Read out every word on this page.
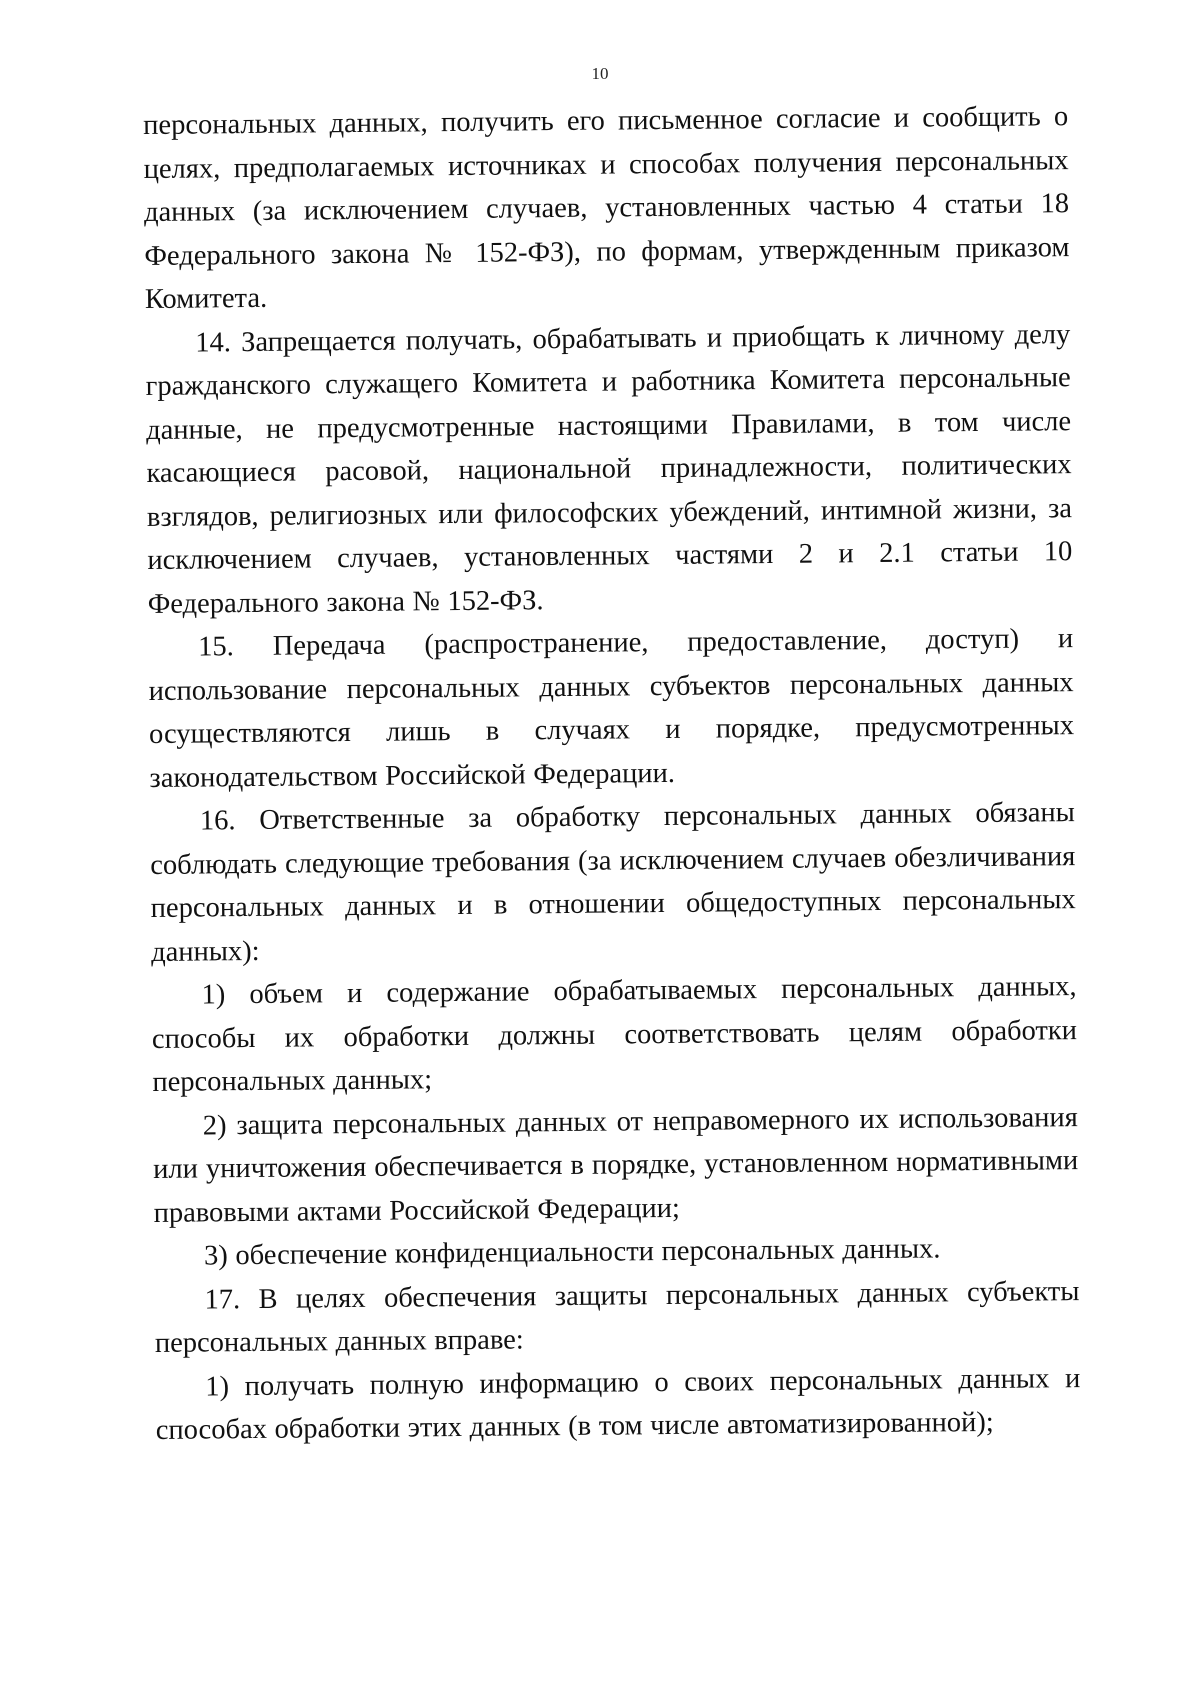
10

персональных данных, получить его письменное согласие и сообщить о целях, предполагаемых источниках и способах получения персональных данных (за исключением случаев, установленных частью 4 статьи 18 Федерального закона № 152-ФЗ), по формам, утвержденным приказом Комитета.

14. Запрещается получать, обрабатывать и приобщать к личному делу гражданского служащего Комитета и работника Комитета персональные данные, не предусмотренные настоящими Правилами, в том числе касающиеся расовой, национальной принадлежности, политических взглядов, религиозных или философских убеждений, интимной жизни, за исключением случаев, установленных частями 2 и 2.1 статьи 10 Федерального закона № 152-ФЗ.

15. Передача (распространение, предоставление, доступ) и использование персональных данных субъектов персональных данных осуществляются лишь в случаях и порядке, предусмотренных законодательством Российской Федерации.

16. Ответственные за обработку персональных данных обязаны соблюдать следующие требования (за исключением случаев обезличивания персональных данных и в отношении общедоступных персональных данных):

1) объем и содержание обрабатываемых персональных данных, способы их обработки должны соответствовать целям обработки персональных данных;

2) защита персональных данных от неправомерного их использования или уничтожения обеспечивается в порядке, установленном нормативными правовыми актами Российской Федерации;

3) обеспечение конфиденциальности персональных данных.

17. В целях обеспечения защиты персональных данных субъекты персональных данных вправе:

1) получать полную информацию о своих персональных данных и способах обработки этих данных (в том числе автоматизированной);
